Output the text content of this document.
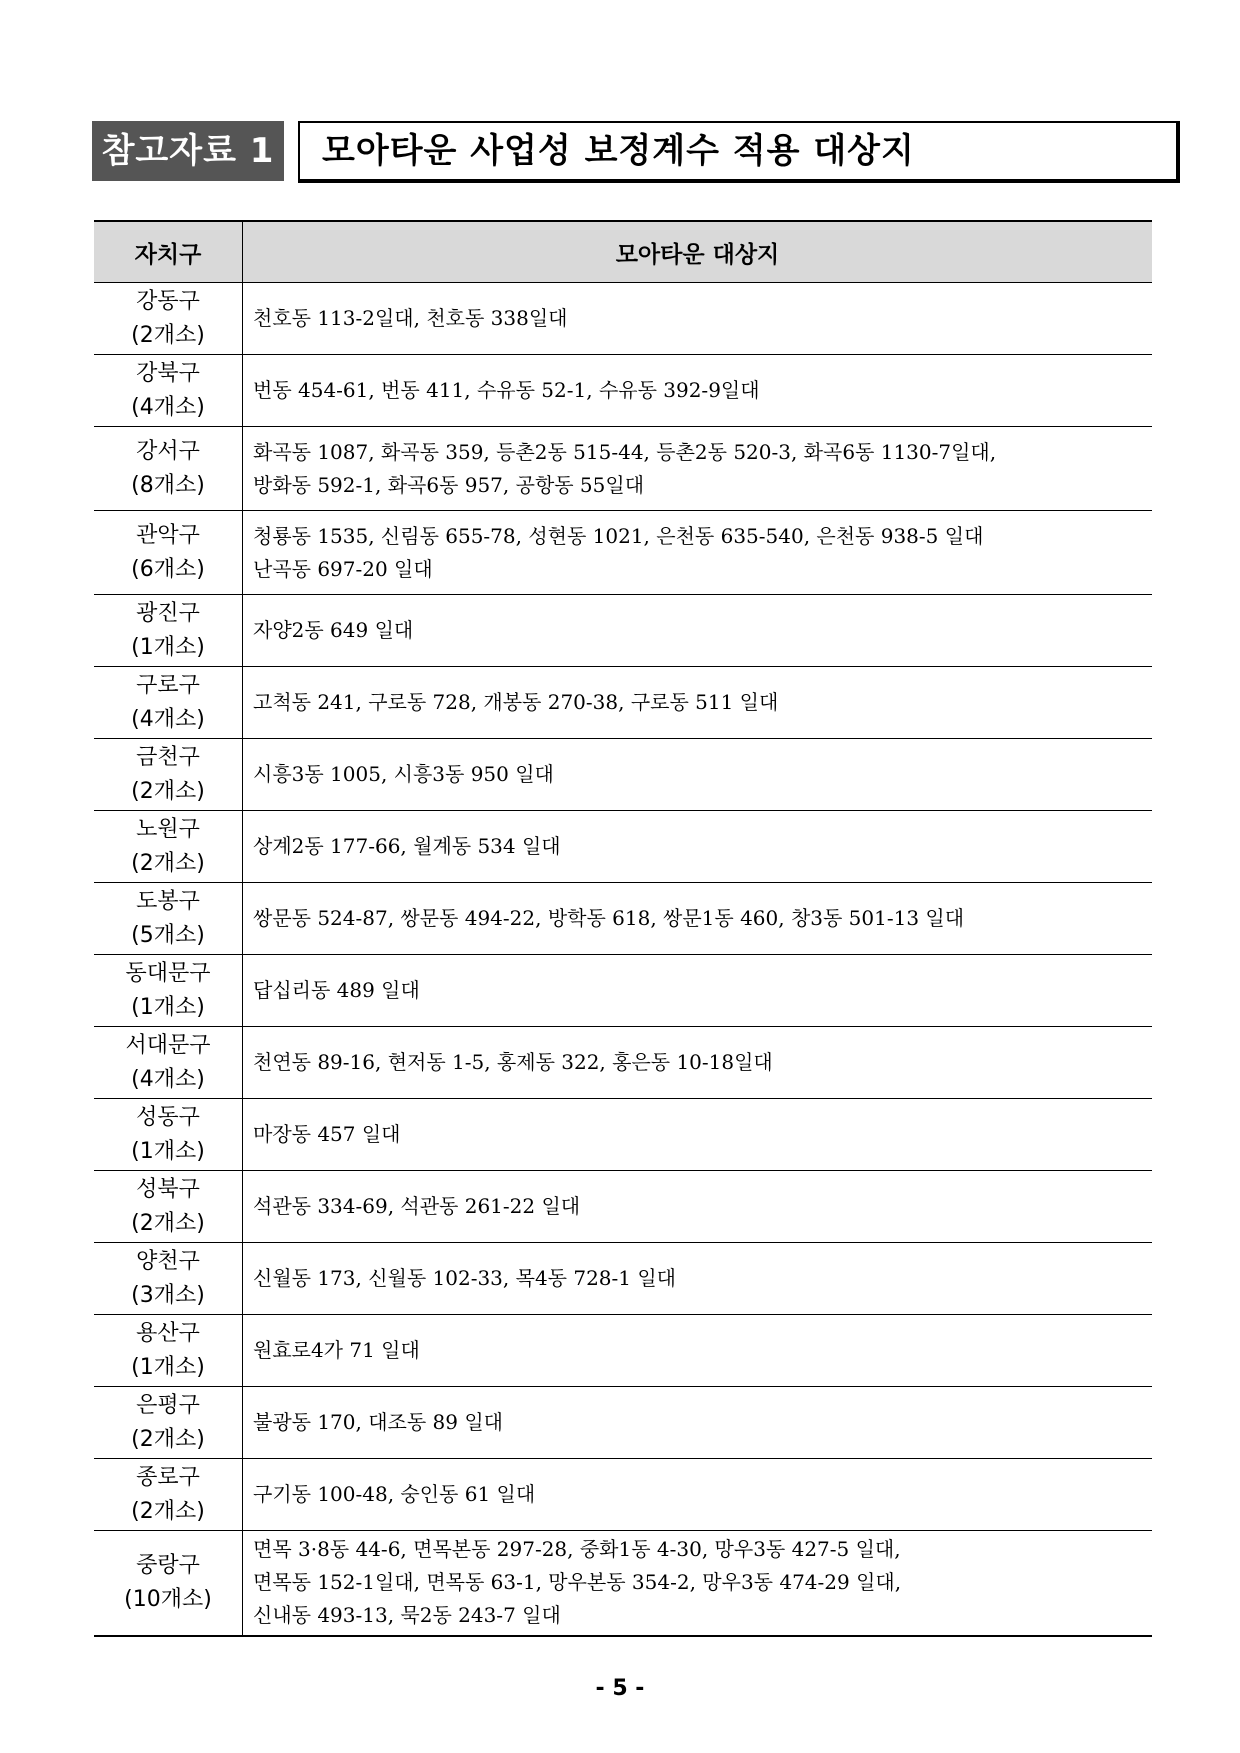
참고자료 1	모아타운 사업성 보정계수 적용 대상지
자치구	모아타운 대상지

강동구
(2개소)	천호동 113-2일대, 천호동 338일대

강북구
(4개소)	번동 454-61, 번동 411, 수유동 52-1, 수유동 392-9일대

강서구
(8개소)	화곡동 1087, 화곡동 359, 등촌2동 515-44, 등촌2동 520-3, 화곡6동 1130-7일대,
방화동 592-1, 화곡6동 957, 공항동 55일대

관악구
(6개소)	청룡동 1535, 신림동 655-78, 성현동 1021, 은천동 635-540, 은천동 938-5 일대
난곡동 697-20 일대

광진구
(1개소)	자양2동 649 일대

구로구
(4개소)	고척동 241, 구로동 728, 개봉동 270-38, 구로동 511 일대

금천구
(2개소)	시흥3동 1005, 시흥3동 950 일대

노원구
(2개소)	상계2동 177-66, 월계동 534 일대

도봉구
(5개소)	쌍문동 524-87, 쌍문동 494-22, 방학동 618, 쌍문1동 460, 창3동 501-13 일대

동대문구
(1개소)	답십리동 489 일대

서대문구
(4개소)	천연동 89-16, 현저동 1-5, 홍제동 322, 홍은동 10-18일대

성동구
(1개소)	마장동 457 일대

성북구
(2개소)	석관동 334-69, 석관동 261-22 일대

양천구
(3개소)	신월동 173, 신월동 102-33, 목4동 728-1 일대

용산구
(1개소)	원효로4가 71 일대

은평구
(2개소)	불광동 170, 대조동 89 일대

종로구
(2개소)	구기동 100-48, 숭인동 61 일대

중랑구
(10개소)	면목 3·8동 44-6, 면목본동 297-28, 중화1동 4-30, 망우3동 427-5 일대,
면목동 152-1일대, 면목동 63-1, 망우본동 354-2, 망우3동 474-29 일대,
신내동 493-13, 묵2동 243-7 일대
- 5 -
